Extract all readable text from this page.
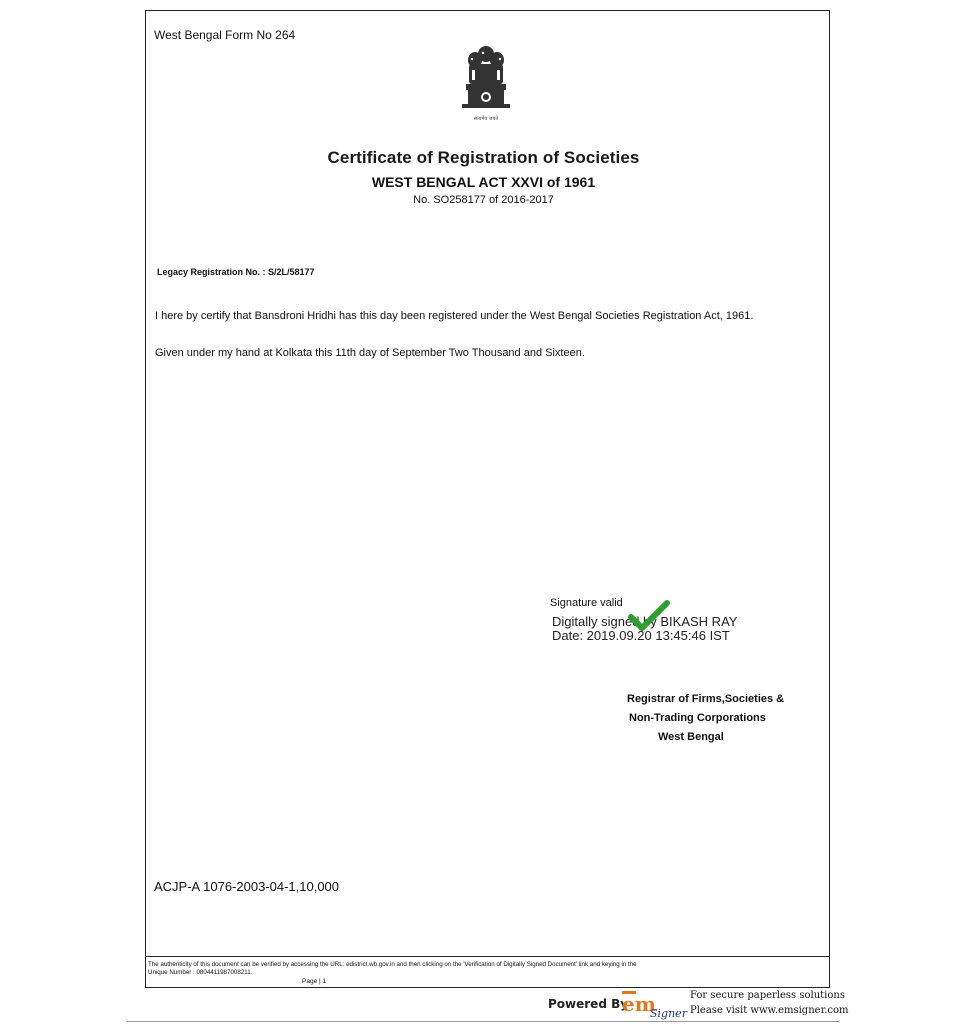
West Bengal Form No 264
सत्यमेव जयते
Certificate of Registration of Societies
WEST BENGAL ACT XXVI of 1961
No. SO258177 of 2016-2017
Legacy Registration No. : S/2L/58177
I here by certify that Bansdroni Hridhi has this day been registered under the West Bengal Societies Registration Act, 1961.
Given under my hand at Kolkata this 11th day of September Two Thousand and Sixteen.
Signature valid
Digitally signed by BIKASH RAY
Date: 2019.09.20 13:45:46 IST
Registrar of Firms,Societies &
Non-Trading Corporations
West Bengal
ACJP-A 1076-2003-04-1,10,000
The authenticity of this document can be verified by accessing the URL: edistrict.wb.gov.in and then clicking on the 'Verification of Digitally Signed Document' link and keying in the
Unique Number : 0804411987008211.
Page | 1
Powered By
em
Signer
For secure paperless solutions
Please visit www.emsigner.com
